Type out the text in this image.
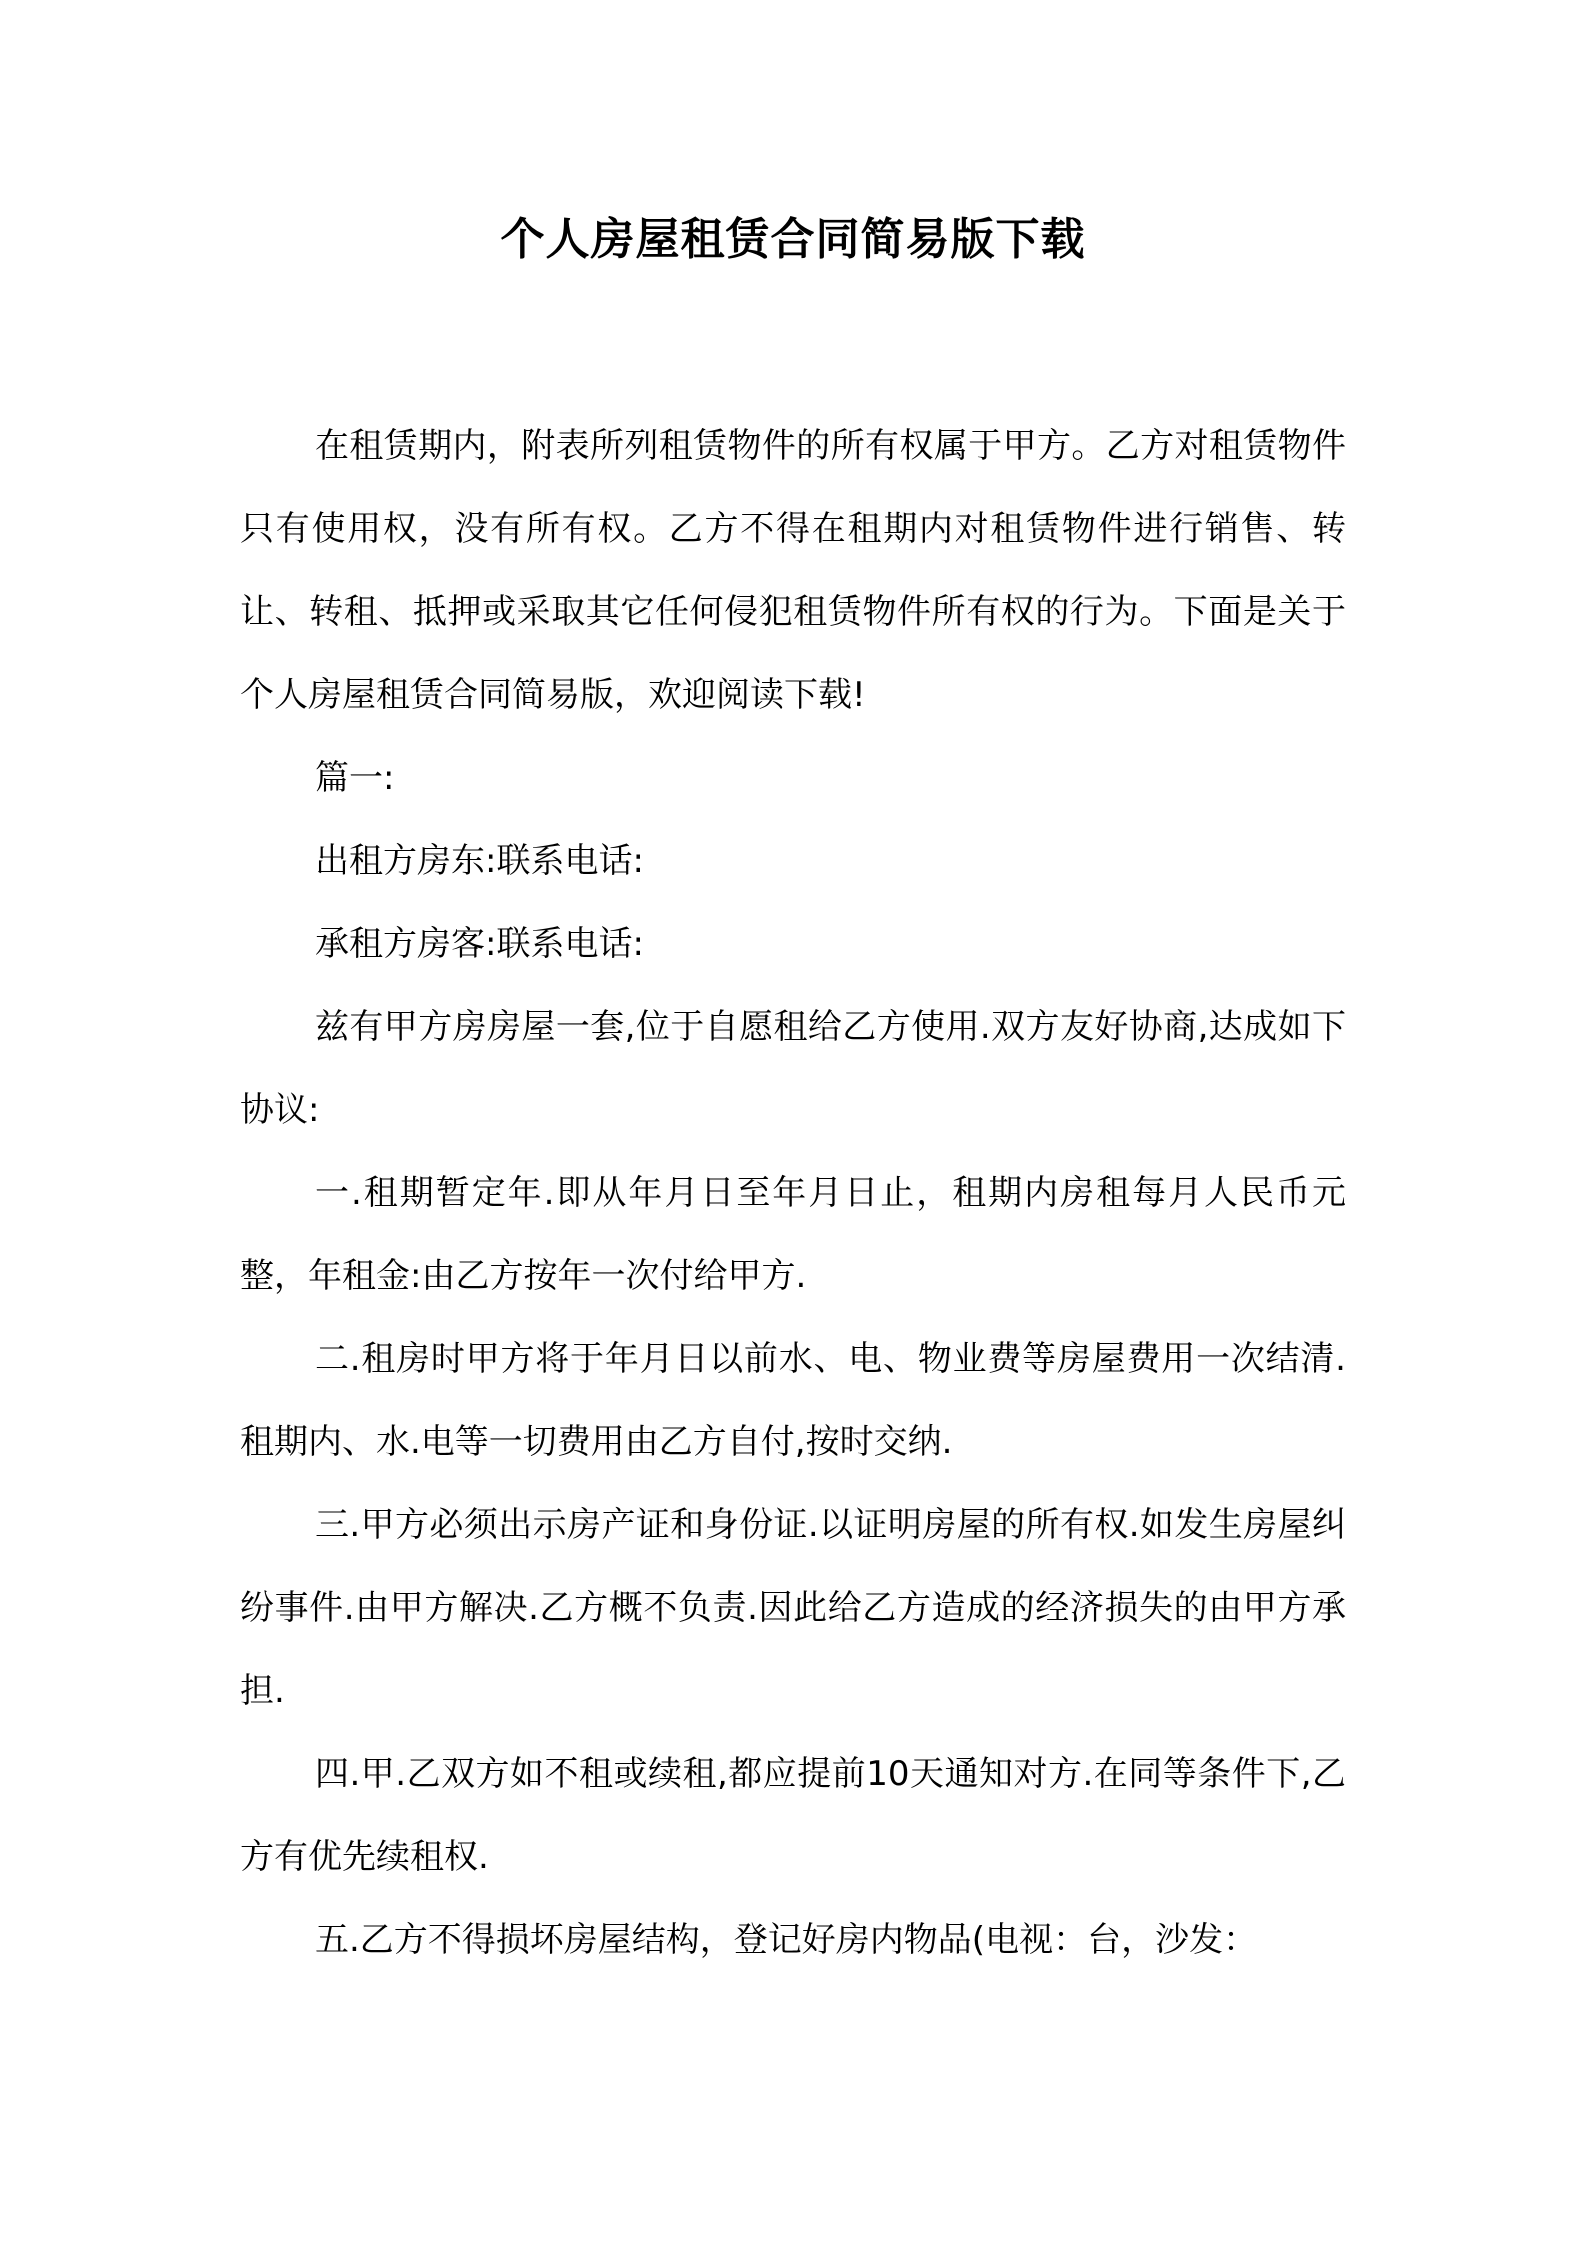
个人房屋租赁合同简易版下载

在租赁期内，附表所列租赁物件的所有权属于甲方。乙方对租赁物件只有使用权，没有所有权。乙方不得在租期内对租赁物件进行销售、转让、转租、抵押或采取其它任何侵犯租赁物件所有权的行为。下面是关于个人房屋租赁合同简易版，欢迎阅读下载!

篇一:

出租方房东:联系电话:

承租方房客:联系电话:

兹有甲方房房屋一套,位于自愿租给乙方使用.双方友好协商,达成如下协议:

一.租期暂定年.即从年月日至年月日止，租期内房租每月人民币元整，年租金:由乙方按年一次付给甲方.

二.租房时甲方将于年月日以前水、电、物业费等房屋费用一次结清.租期内、水.电等一切费用由乙方自付,按时交纳.

三.甲方必须出示房产证和身份证.以证明房屋的所有权.如发生房屋纠纷事件.由甲方解决.乙方概不负责.因此给乙方造成的经济损失的由甲方承担.

四.甲.乙双方如不租或续租,都应提前10天通知对方.在同等条件下,乙方有优先续租权.

五.乙方不得损坏房屋结构，登记好房内物品(电视：台，沙发：
